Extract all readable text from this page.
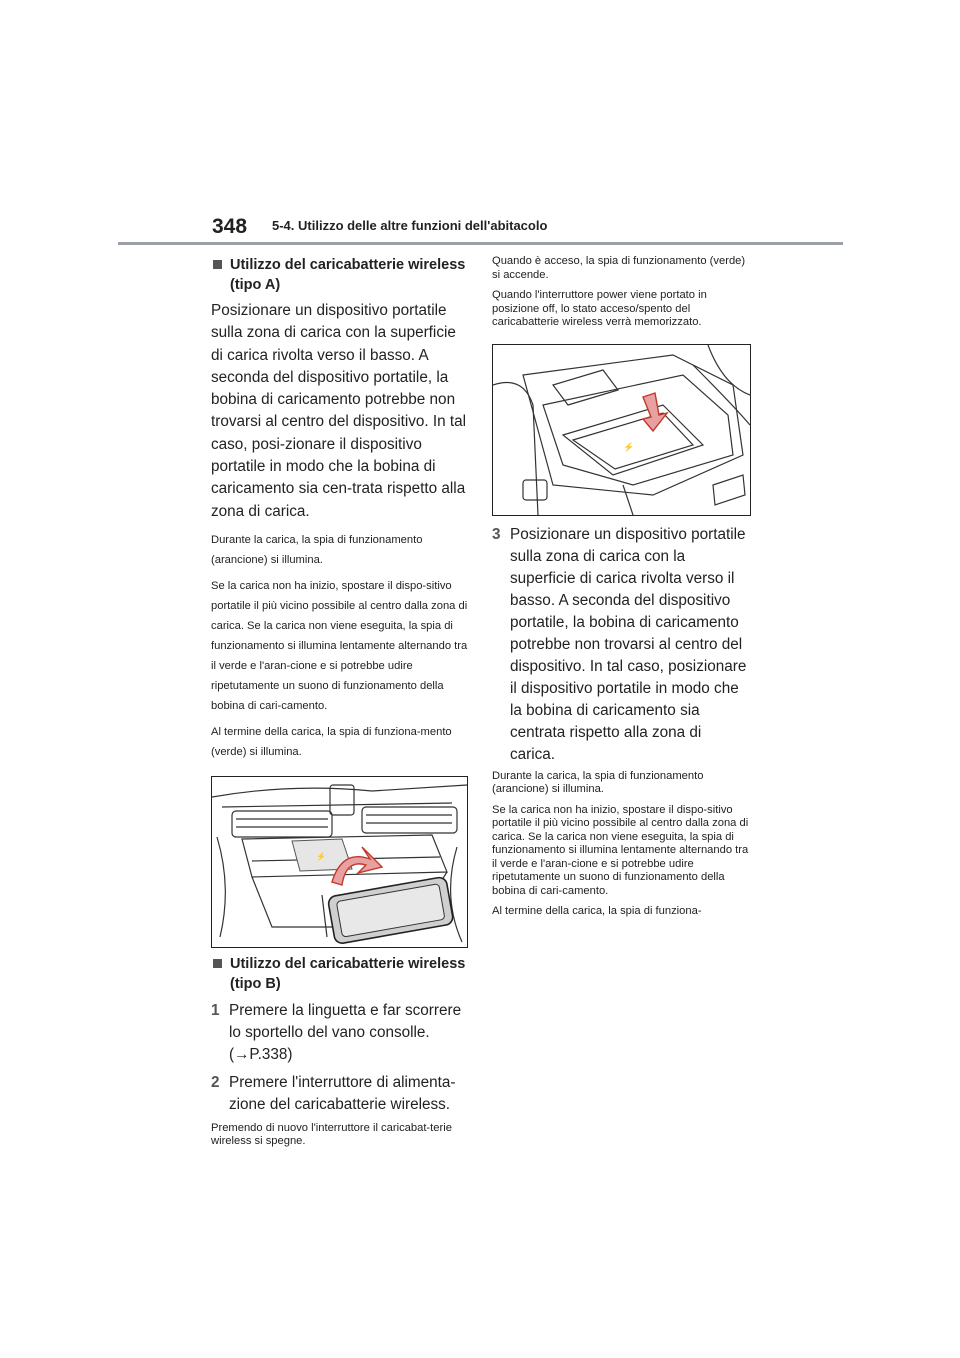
348 5-4. Utilizzo delle altre funzioni dell'abitacolo
Utilizzo del caricabatterie wireless (tipo A)

Posizionare un dispositivo portatile sulla zona di carica con la superficie di carica rivolta verso il basso. A seconda del dispositivo portatile, la bobina di caricamento potrebbe non trovarsi al centro del dispositivo. In tal caso, posi-zionare il dispositivo portatile in modo che la bobina di caricamento sia cen-trata rispetto alla zona di carica.

Durante la carica, la spia di funzionamento (arancione) si illumina.

Se la carica non ha inizio, spostare il dispo-sitivo portatile il più vicino possibile al centro dalla zona di carica. Se la carica non viene eseguita, la spia di funzionamento si illumina lentamente alternando tra il verde e l'aran-cione e si potrebbe udire ripetutamente un suono di funzionamento della bobina di cari-camento.

Al termine della carica, la spia di funziona-mento (verde) si illumina.

⚡
Utilizzo del caricabatterie wireless (tipo B)
1 Premere la linguetta e far scorrere lo sportello del vano consolle.
(→P.338)
2 Premere l'interruttore di alimenta-zione del caricabatterie wireless.

Premendo di nuovo l'interruttore il caricabat-terie wireless si spegne.

Quando è acceso, la spia di funzionamento (verde) si accende.

Quando l'interruttore power viene portato in posizione off, lo stato acceso/spento del caricabatterie wireless verrà memorizzato.

⚡
3 Posizionare un dispositivo portatile sulla zona di carica con la superficie di carica rivolta verso il basso. A seconda del dispositivo portatile, la bobina di caricamento potrebbe non trovarsi al centro del dispositivo. In tal caso, posizionare il dispositivo portatile in modo che la bobina di caricamento sia centrata rispetto alla zona di carica.

Durante la carica, la spia di funzionamento (arancione) si illumina.

Se la carica non ha inizio, spostare il dispo-sitivo portatile il più vicino possibile al centro dalla zona di carica. Se la carica non viene eseguita, la spia di funzionamento si illumina lentamente alternando tra il verde e l'aran-cione e si potrebbe udire ripetutamente un suono di funzionamento della bobina di cari-camento.

Al termine della carica, la spia di funziona-
